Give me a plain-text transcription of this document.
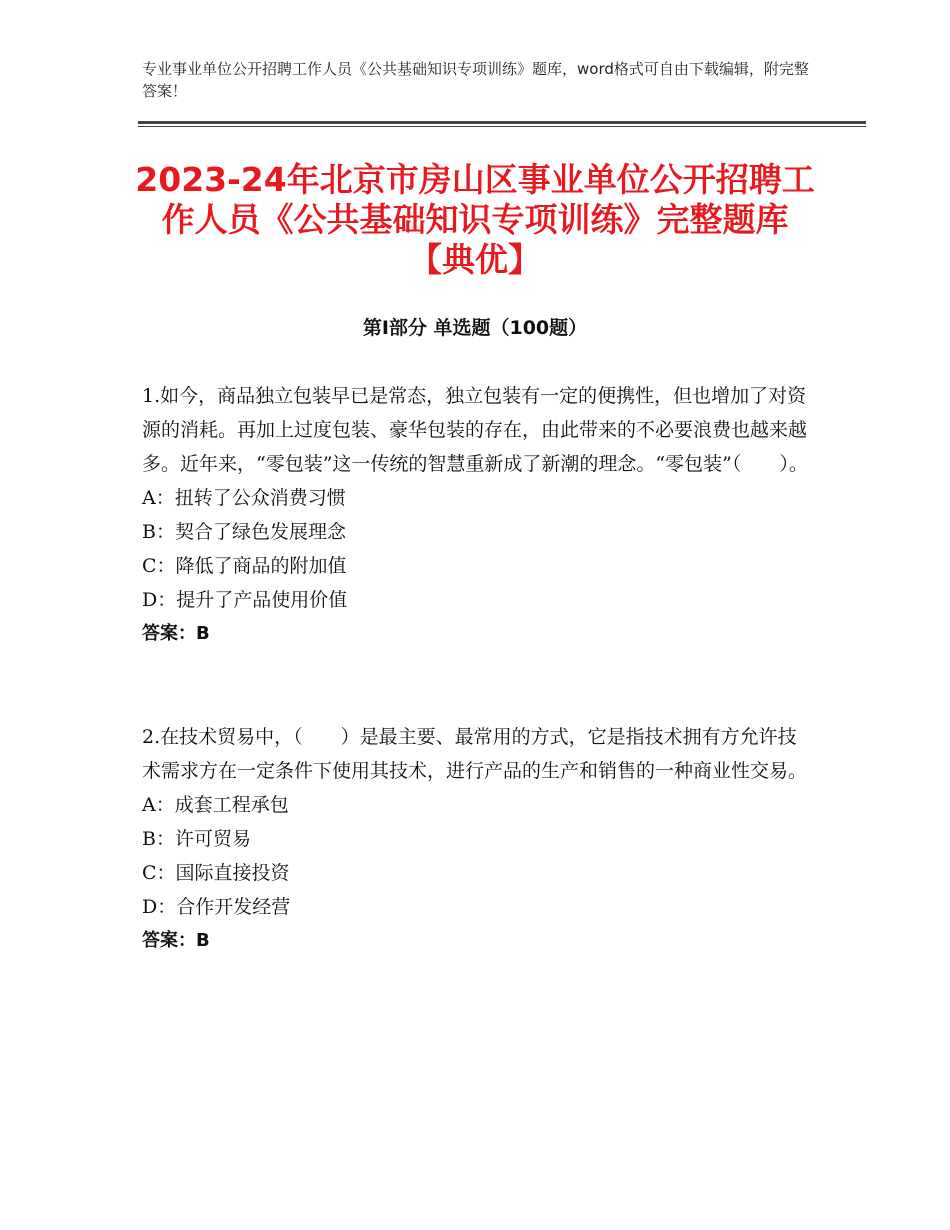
专业事业单位公开招聘工作人员《公共基础知识专项训练》题库，word格式可自由下载编辑，附完整答案！
2023-24年北京市房山区事业单位公开招聘工作人员《公共基础知识专项训练》完整题库【典优】
第Ⅰ部分 单选题（100题）

1.如今，商品独立包装早已是常态，独立包装有一定的便携性，但也增加了对资源的消耗。再加上过度包装、豪华包装的存在，由此带来的不必要浪费也越来越多。近年来，“零包装”这一传统的智慧重新成了新潮的理念。“零包装”（　　）。

A：扭转了公众消费习惯

B：契合了绿色发展理念

C：降低了商品的附加值

D：提升了产品使用价值

答案：B

2.在技术贸易中，（　　）是最主要、最常用的方式，它是指技术拥有方允许技术需求方在一定条件下使用其技术，进行产品的生产和销售的一种商业性交易。

A：成套工程承包

B：许可贸易

C：国际直接投资

D：合作开发经营

答案：B
